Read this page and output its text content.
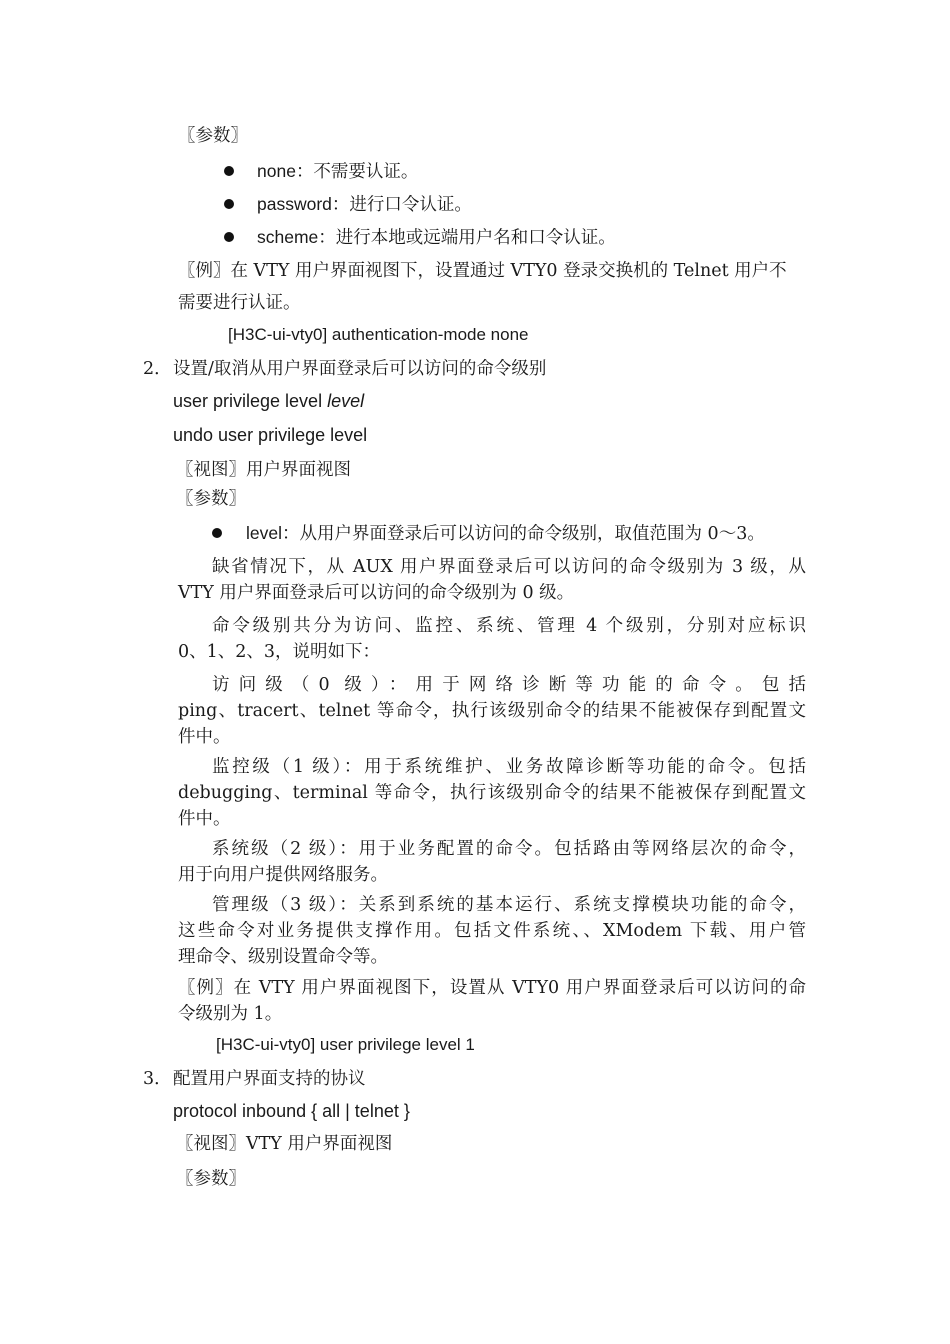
〖参数〗
none：不需要认证。
password：进行口令认证。
scheme：进行本地或远端用户名和口令认证。
〖例〗在 VTY 用户界面视图下，设置通过 VTY0 登录交换机的 Telnet 用户不
需要进行认证。
[H3C-ui-vty0] authentication-mode none
2． 设置/取消从用户界面登录后可以访问的命令级别
user privilege level level
undo user privilege level
〖视图〗用户界面视图
〖参数〗
level：从用户界面登录后可以访问的命令级别，取值范围为 0～3。
缺省情况下，从 AUX 用户界面登录后可以访问的命令级别为 3 级，从
VTY 用户界面登录后可以访问的命令级别为 0 级。
命令级别共分为访问、监控、系统、管理 4 个级别，分别对应标识
0、1、2、3，说明如下：
访问级（0 级）：用于网络诊断等功能的命令。包括
ping、tracert、telnet 等命令，执行该级别命令的结果不能被保存到配置文
件中。
监控级（1 级）：用于系统维护、业务故障诊断等功能的命令。包括
debugging、terminal 等命令，执行该级别命令的结果不能被保存到配置文
件中。
系统级（2 级）：用于业务配置的命令。包括路由等网络层次的命令，
用于向用户提供网络服务。
管理级（3 级）：关系到系统的基本运行、系统支撑模块功能的命令，
这些命令对业务提供支撑作用。包括文件系统、、XModem 下载、用户管
理命令、级别设置命令等。
〖例〗在 VTY 用户界面视图下，设置从 VTY0 用户界面登录后可以访问的命
令级别为 1。
[H3C-ui-vty0] user privilege level 1
3． 配置用户界面支持的协议
protocol inbound { all | telnet }
〖视图〗VTY 用户界面视图
〖参数〗
